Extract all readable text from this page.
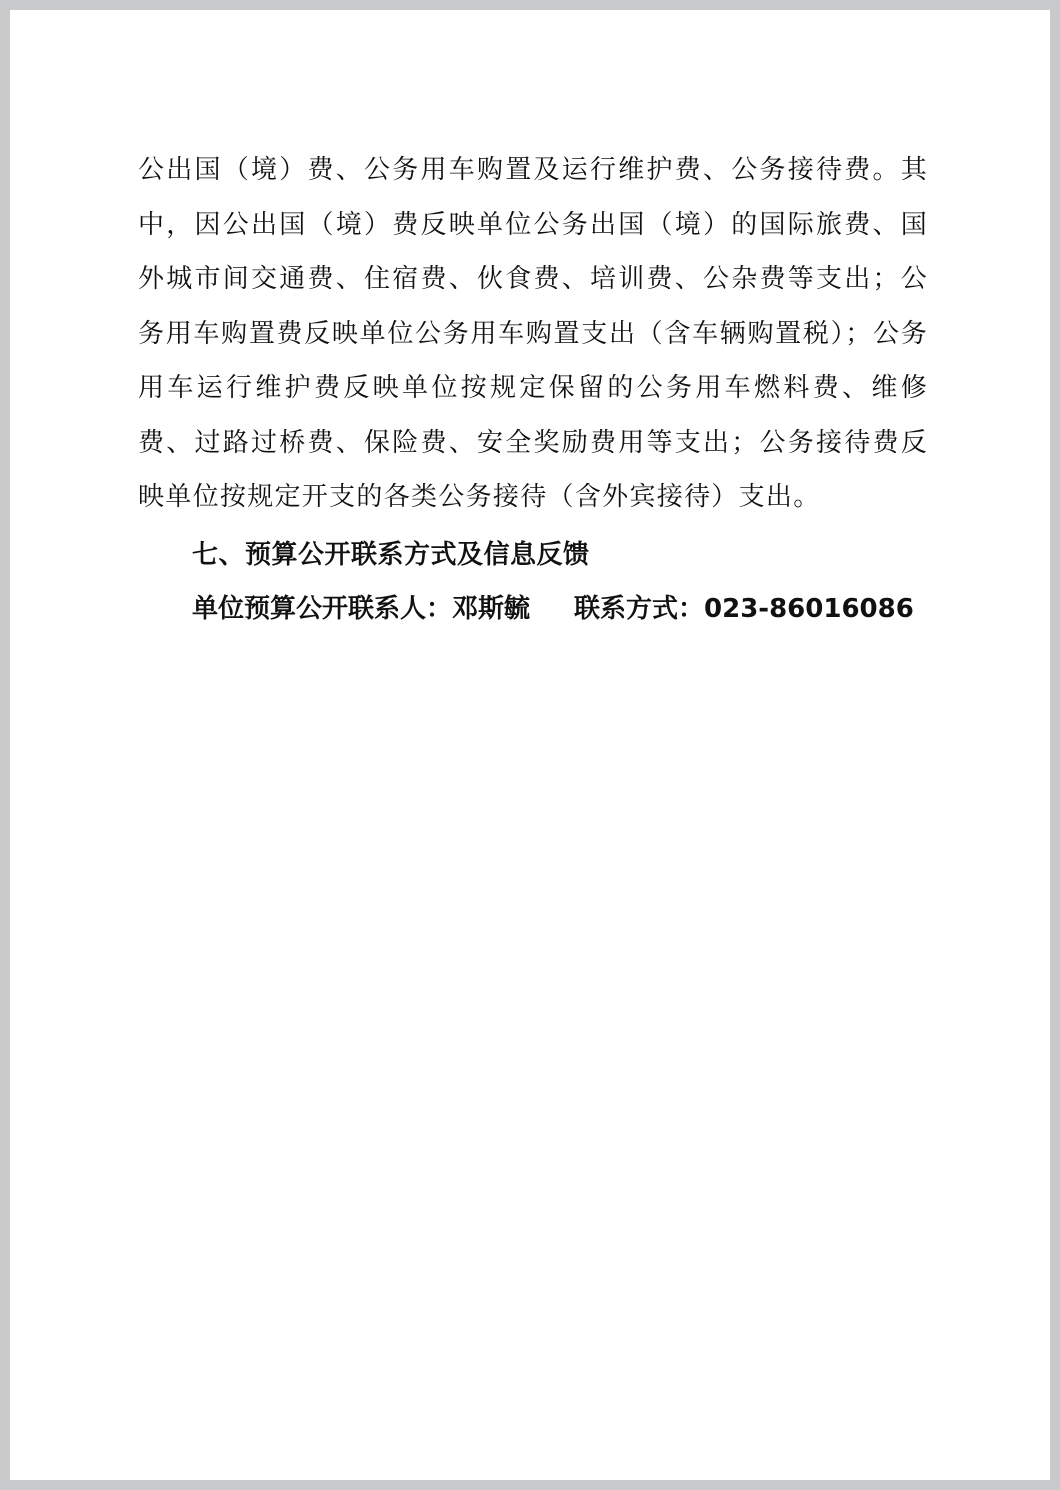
公出国（境）费、公务用车购置及运行维护费、公务接待费。其中，因公出国（境）费反映单位公务出国（境）的国际旅费、国外城市间交通费、住宿费、伙食费、培训费、公杂费等支出；公务用车购置费反映单位公务用车购置支出（含车辆购置税）；公务用车运行维护费反映单位按规定保留的公务用车燃料费、维修费、过路过桥费、保险费、安全奖励费用等支出；公务接待费反映单位按规定开支的各类公务接待（含外宾接待）支出。

七、预算公开联系方式及信息反馈

单位预算公开联系人：邓斯毓 联系方式：023-86016086
